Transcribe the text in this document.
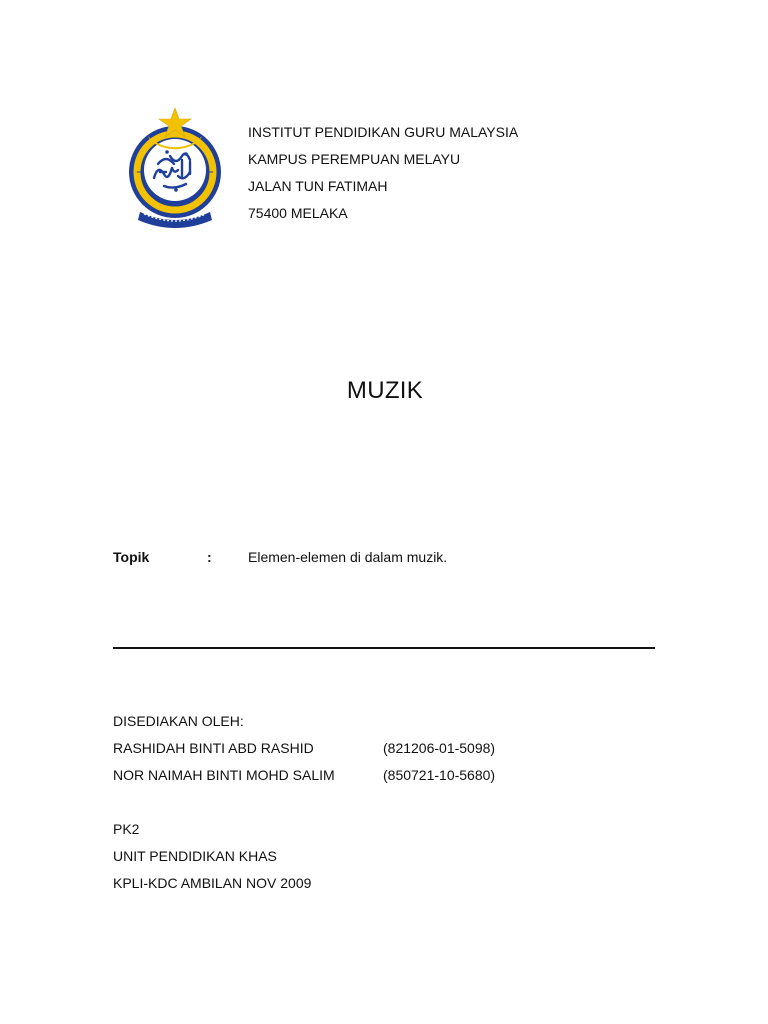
INSTITUT PENDIDIKAN GURU MALAYSIA
KAMPUS PEREMPUAN MELAYU
JALAN TUN FATIMAH
75400 MELAKA
MUZIK
Topik	:	Elemen-elemen di dalam muzik.
DISEDIAKAN OLEH:
RASHIDAH BINTI ABD RASHID	(821206-01-5098)
NOR NAIMAH BINTI MOHD SALIM	(850721-10-5680)
PK2
UNIT PENDIDIKAN KHAS
KPLI-KDC AMBILAN NOV 2009
